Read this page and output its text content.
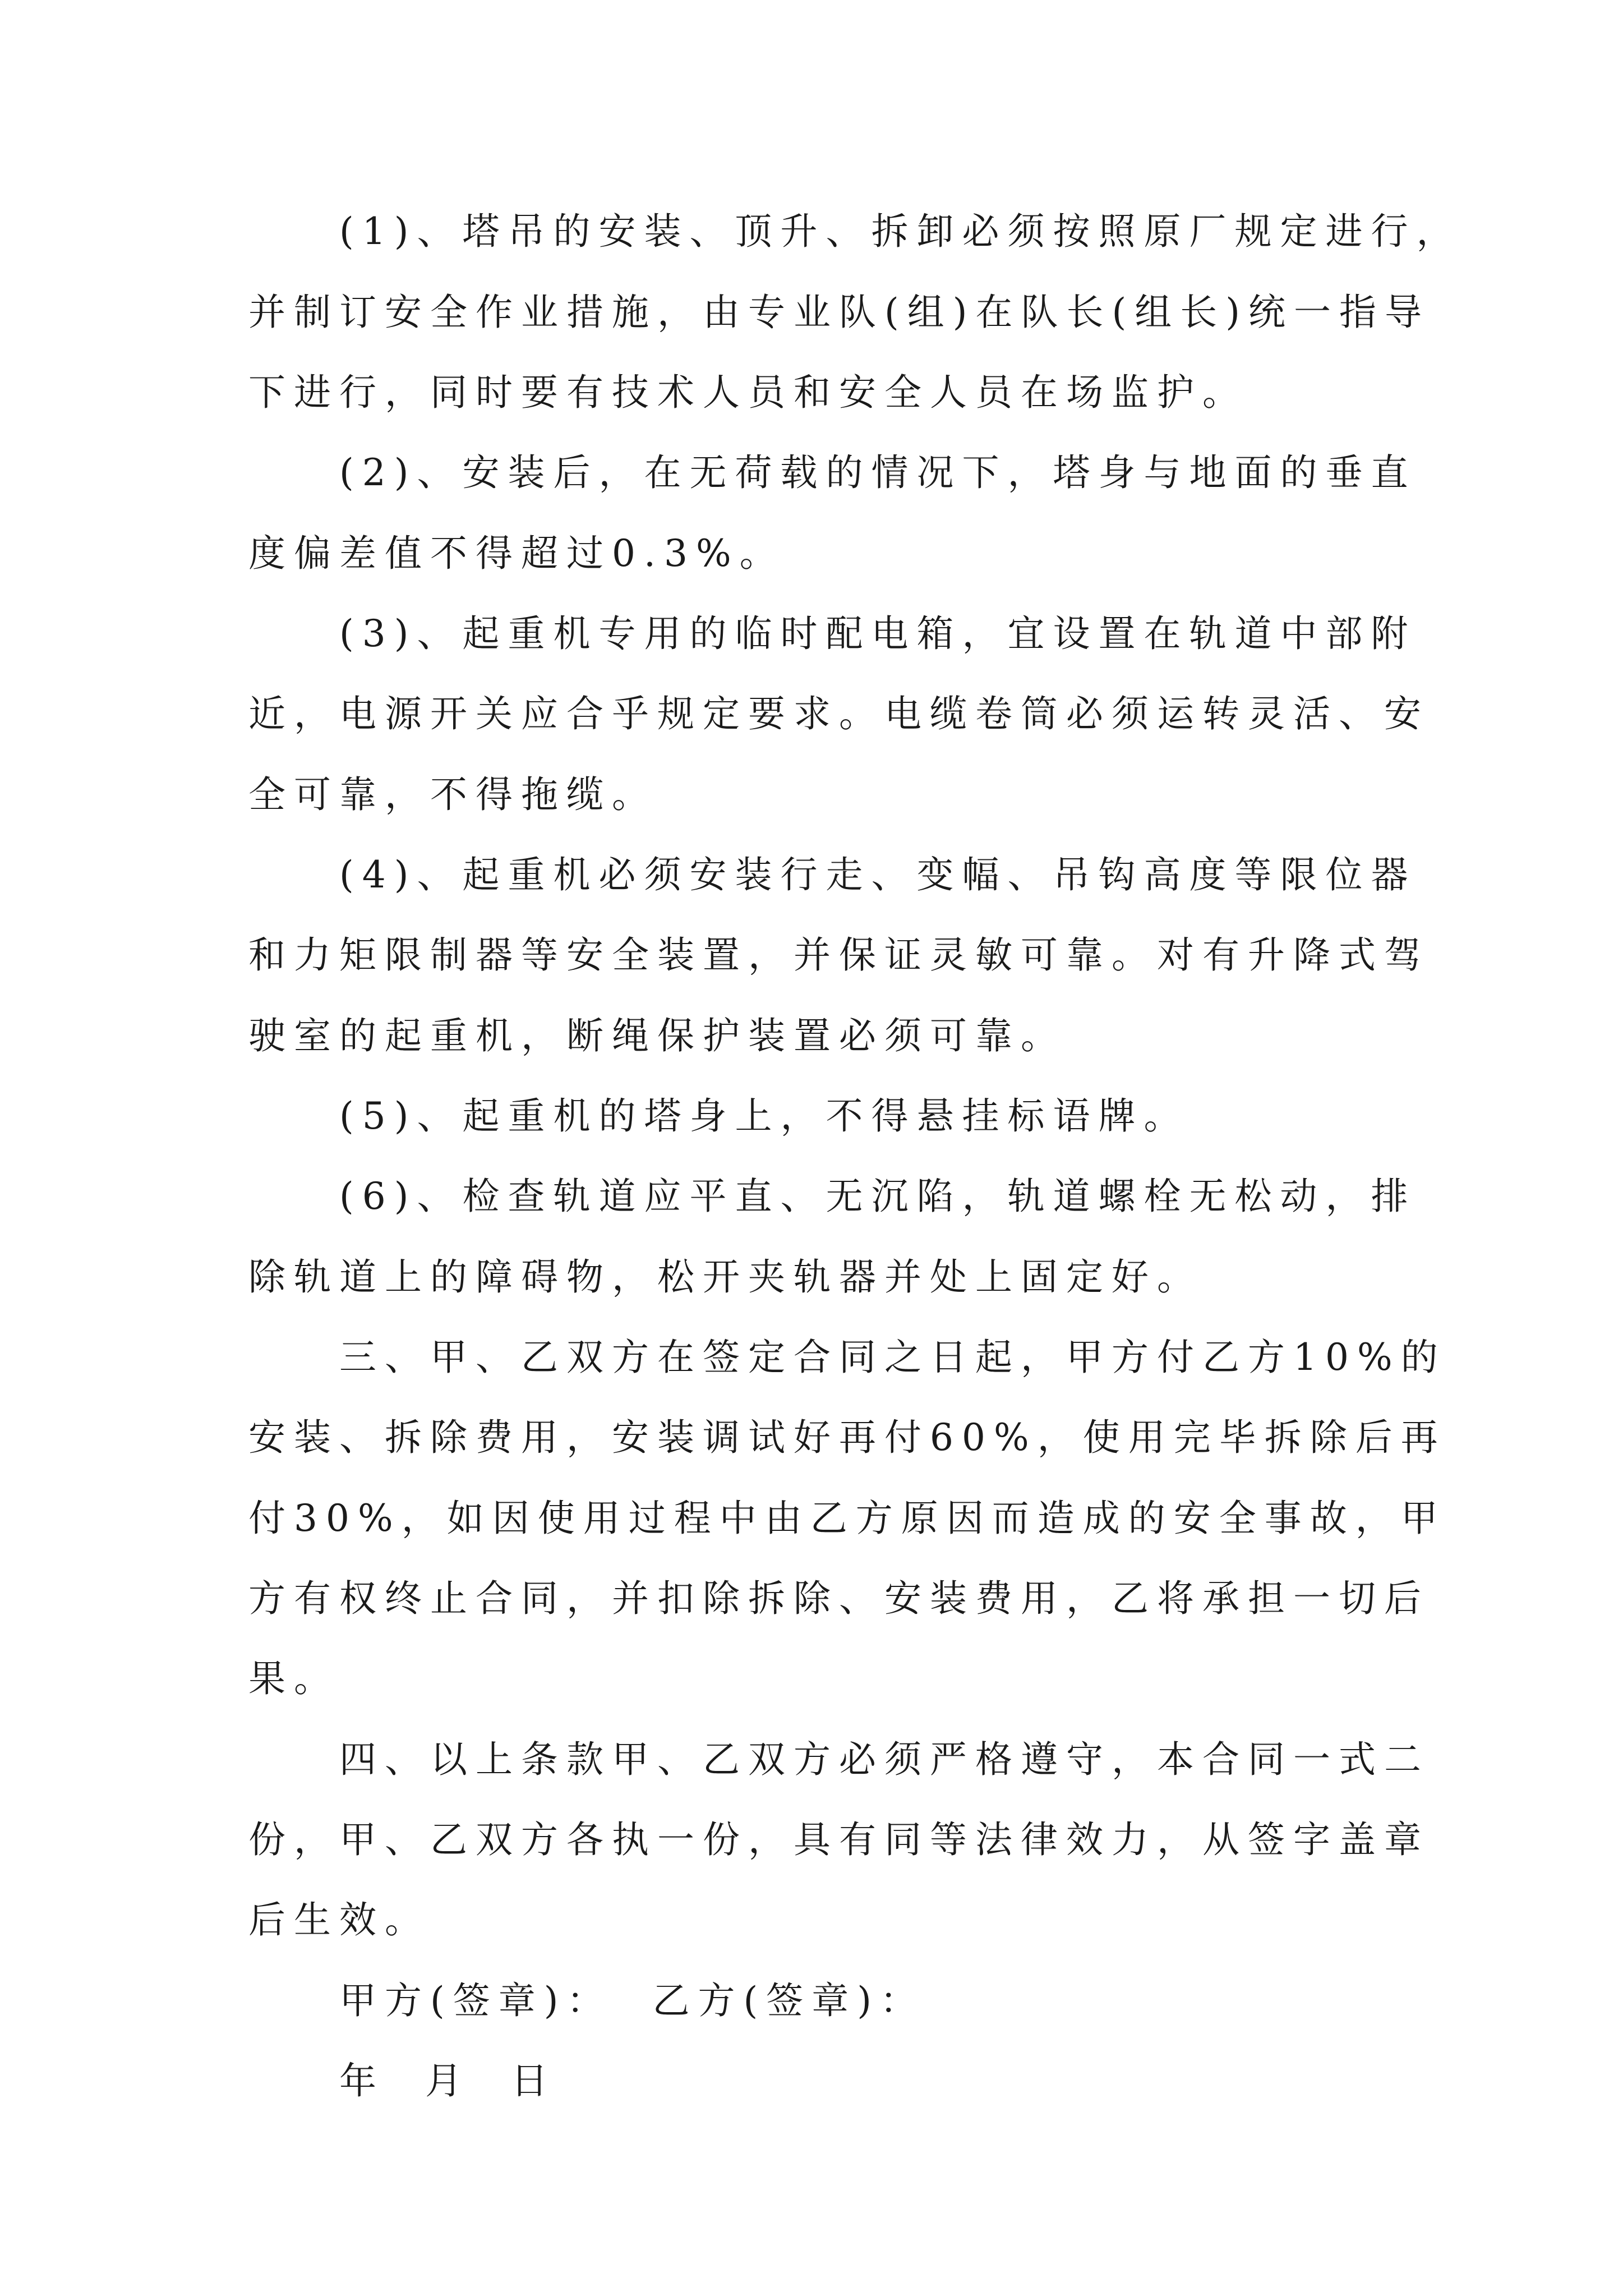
(1)、塔吊的安装、顶升、拆卸必须按照原厂规定进行，
并制订安全作业措施，由专业队(组)在队长(组长)统一指导
下进行，同时要有技术人员和安全人员在场监护。
(2)、安装后，在无荷载的情况下，塔身与地面的垂直
度偏差值不得超过0.3%。
(3)、起重机专用的临时配电箱，宜设置在轨道中部附
近，电源开关应合乎规定要求。电缆卷筒必须运转灵活、安
全可靠，不得拖缆。
(4)、起重机必须安装行走、变幅、吊钩高度等限位器
和力矩限制器等安全装置，并保证灵敏可靠。对有升降式驾
驶室的起重机，断绳保护装置必须可靠。
(5)、起重机的塔身上，不得悬挂标语牌。
(6)、检查轨道应平直、无沉陷，轨道螺栓无松动，排
除轨道上的障碍物，松开夹轨器并处上固定好。
三、甲、乙双方在签定合同之日起，甲方付乙方10%的
安装、拆除费用，安装调试好再付60%，使用完毕拆除后再
付30%，如因使用过程中由乙方原因而造成的安全事故，甲
方有权终止合同，并扣除拆除、安装费用，乙将承担一切后
果。
四、以上条款甲、乙双方必须严格遵守，本合同一式二
份，甲、乙双方各执一份，具有同等法律效力，从签字盖章
后生效。
甲方(签章)：  乙方(签章)：
年  月  日
